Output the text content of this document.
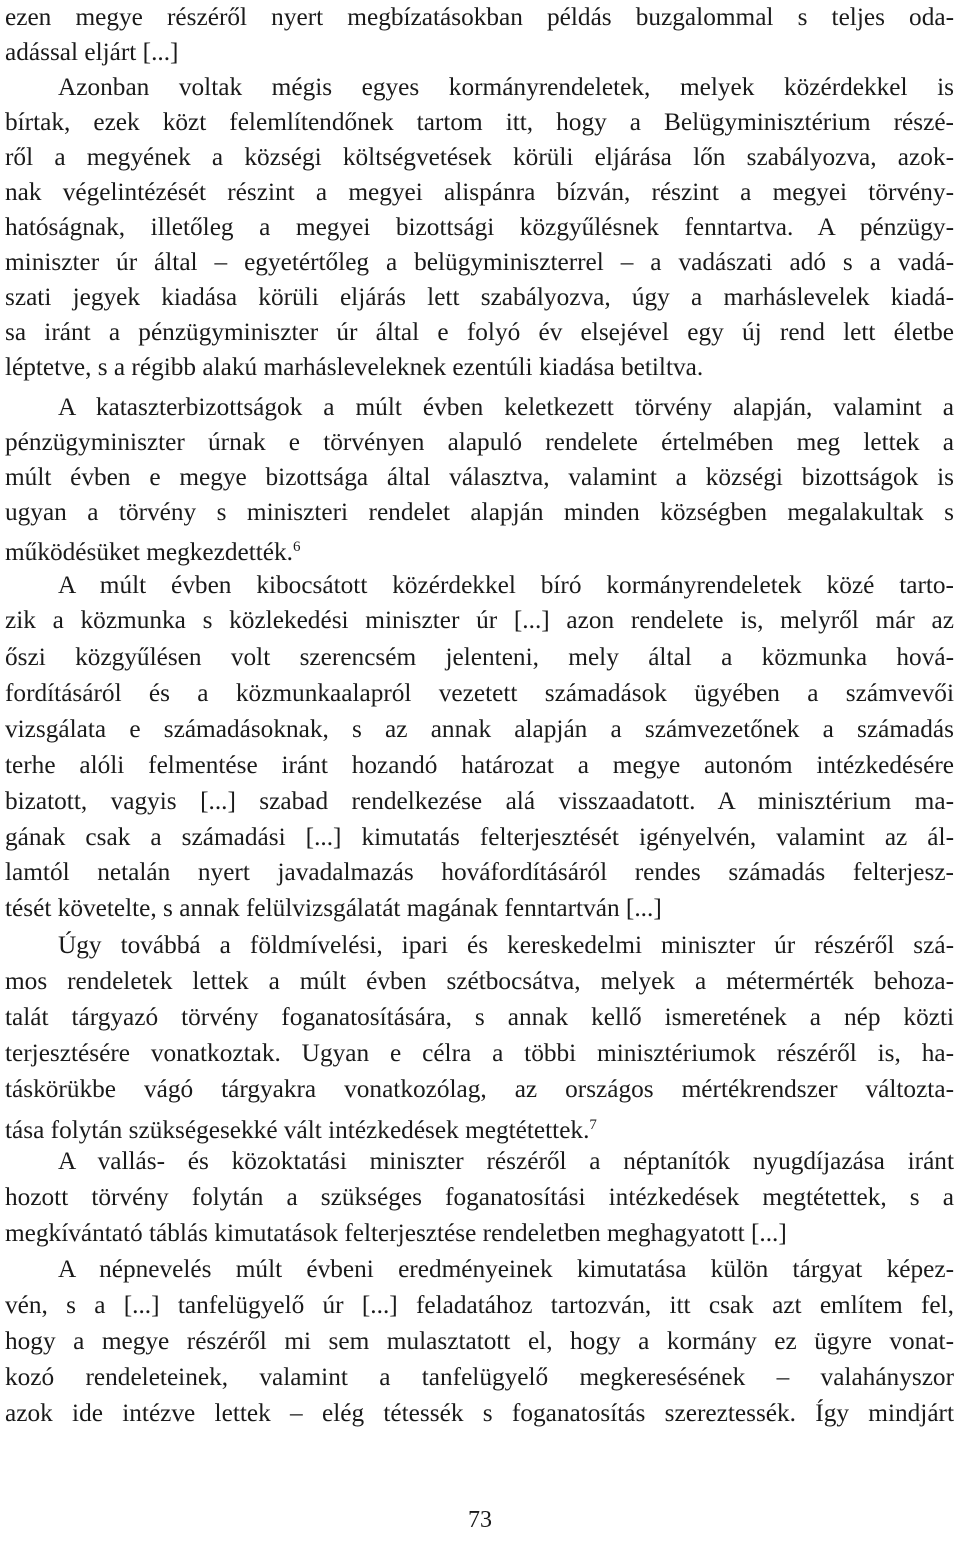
ezen megye részéről nyert megbízatásokban példás buzgalommal s teljes oda-
adással eljárt [...]
Azonban voltak mégis egyes kormányrendeletek, melyek közérdekkel is
bírtak, ezek közt felemlítendőnek tartom itt, hogy a Belügyminisztérium részé-
ről a megyének a községi költségvetések körüli eljárása lőn szabályozva, azok-
nak végelintézését részint a megyei alispánra bízván, részint a megyei törvény-
hatóságnak, illetőleg a megyei bizottsági közgyűlésnek fenntartva. A pénzügy-
miniszter úr által – egyetértőleg a belügyminiszterrel – a vadászati adó s a vadá-
szati jegyek kiadása körüli eljárás lett szabályozva, úgy a marháslevelek kiadá-
sa iránt a pénzügyminiszter úr által e folyó év elsejével egy új rend lett életbe
léptetve, s a régibb alakú marhásleveleknek ezentúli kiadása betiltva.
A kataszterbizottságok a múlt évben keletkezett törvény alapján, valamint a
pénzügyminiszter úrnak e törvényen alapuló rendelete értelmében meg lettek a
múlt évben e megye bizottsága által választva, valamint a községi bizottságok is
ugyan a törvény s miniszteri rendelet alapján minden községben megalakultak s
működésüket megkezdették.$^6$
A múlt évben kibocsátott közérdekkel bíró kormányrendeletek közé tarto-
zik a közmunka s közlekedési miniszter úr [...] azon rendelete is, melyről már az
őszi közgyűlésen volt szerencsém jelenteni, mely által a közmunka hová-
fordításáról és a közmunkaalapról vezetett számadások ügyében a számvevői
vizsgálata e számadásoknak, s az annak alapján a számvezetőnek a számadás
terhe alóli felmentése iránt hozandó határozat a megye autonóm intézkedésére
bizatott, vagyis [...] szabad rendelkezése alá visszaadatott. A minisztérium ma-
gának csak a számadási [...] kimutatás felterjesztését igényelvén, valamint az ál-
lamtól netalán nyert javadalmazás hováfordításáról rendes számadás felterjesz-
tését követelte, s annak felülvizsgálatát magának fenntartván [...]
Úgy továbbá a földmívelési, ipari és kereskedelmi miniszter úr részéről szá-
mos rendeletek lettek a múlt évben szétbocsátva, melyek a métermérték behoza-
talát tárgyazó törvény foganatosítására, s annak kellő ismeretének a nép közti
terjesztésére vonatkoztak. Ugyan e célra a többi minisztériumok részéről is, ha-
táskörükbe vágó tárgyakra vonatkozólag, az országos mértékrendszer változta-
tása folytán szükségesekké vált intézkedések megtétettek.$^7$
A vallás- és közoktatási miniszter részéről a néptanítók nyugdíjazása iránt
hozott törvény folytán a szükséges foganatosítási intézkedések megtétettek, s a
megkívántató táblás kimutatások felterjesztése rendeletben meghagyatott [...]
A népnevelés múlt évbeni eredményeinek kimutatása külön tárgyat képez-
vén, s a [...] tanfelügyelő úr [...] feladatához tartozván, itt csak azt említem fel,
hogy a megye részéről mi sem mulasztatott el, hogy a kormány ez ügyre vonat-
kozó rendeleteinek, valamint a tanfelügyelő megkeresésének – valahányszor
azok ide intézve lettek – elég tétessék s foganatosítás szereztessék. Így mindjárt
73
